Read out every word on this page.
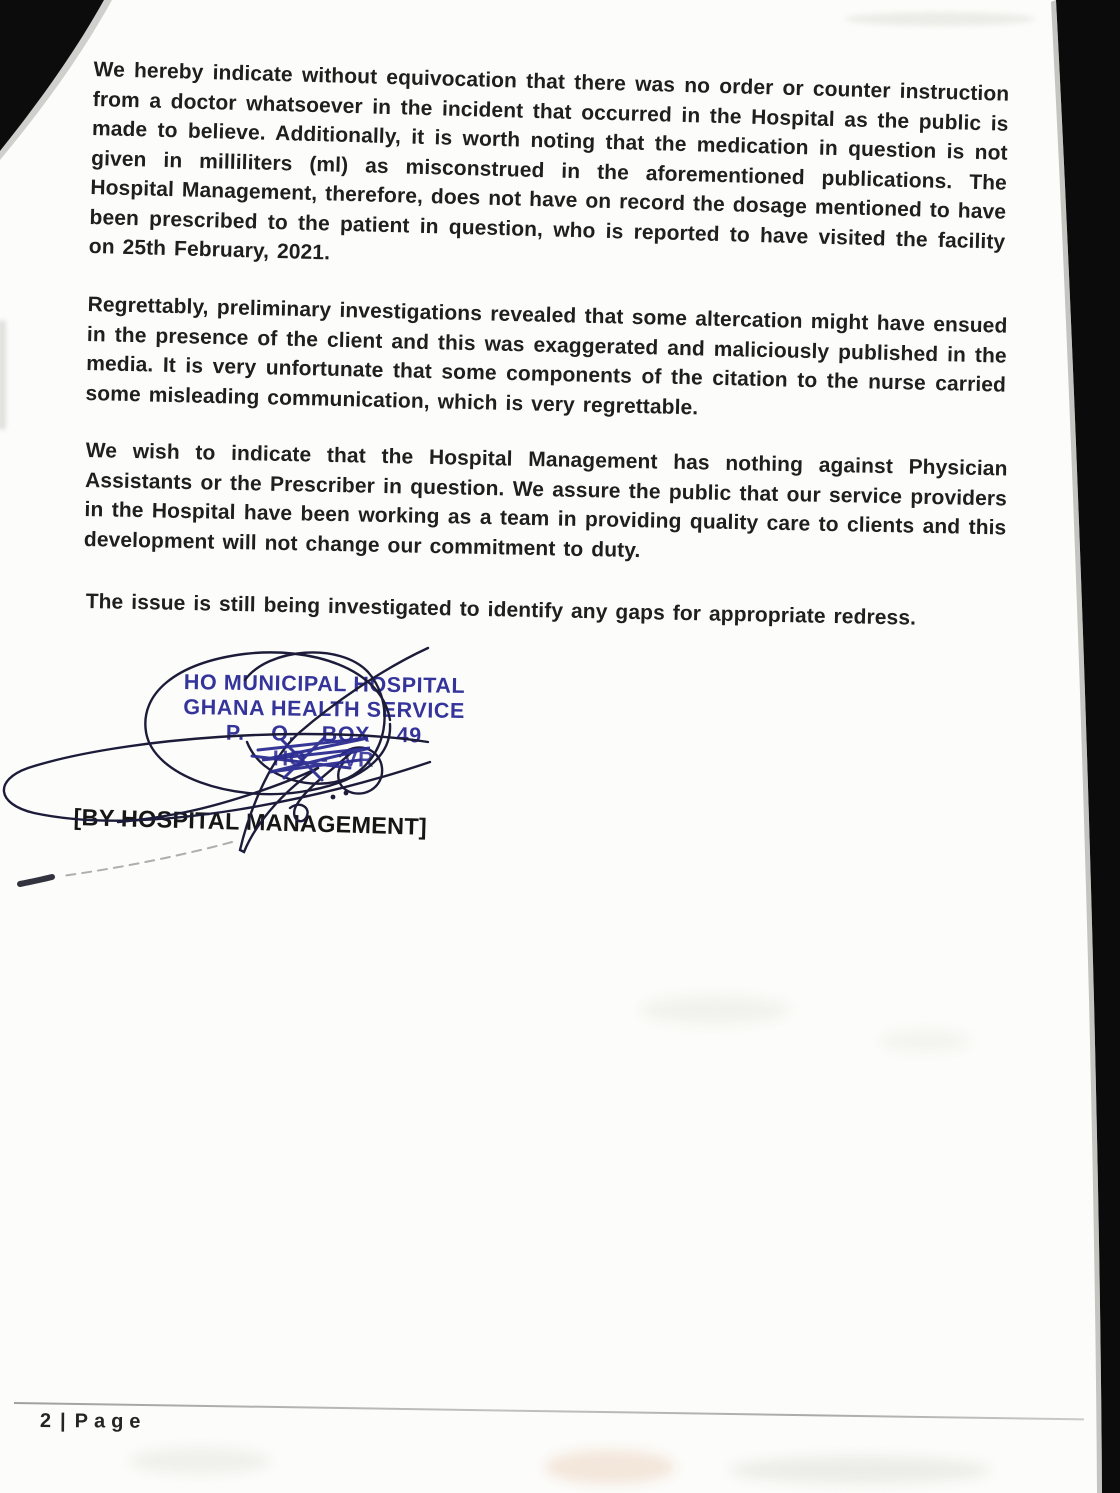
We hereby indicate without equivocation that there was no order or counter instruction from a doctor whatsoever in the incident that occurred in the Hospital as the public is made to believe. Additionally, it is worth noting that the medication in question is not given in milliliters (ml) as misconstrued in the aforementioned publications. The Hospital Management, therefore, does not have on record the dosage mentioned to have been prescribed to the patient in question, who is reported to have visited the facility on 25th February, 2021.

Regrettably, preliminary investigations revealed that some altercation might have ensued in the presence of the client and this was exaggerated and maliciously published in the media. It is very unfortunate that some components of the citation to the nurse carried some misleading communication, which is very regrettable.

We wish to indicate that the Hospital Management has nothing against Physician Assistants or the Prescriber in question. We assure the public that our service providers in the Hospital have been working as a team in providing quality care to clients and this development will not change our commitment to duty.

The issue is still being investigated to identify any gaps for appropriate redress.

HO MUNICIPAL HOSPITAL
GHANA HEALTH SERVICE
P. O. BOX 49
HO - VR
[BY HOSPITAL MANAGEMENT]
2 | Page
